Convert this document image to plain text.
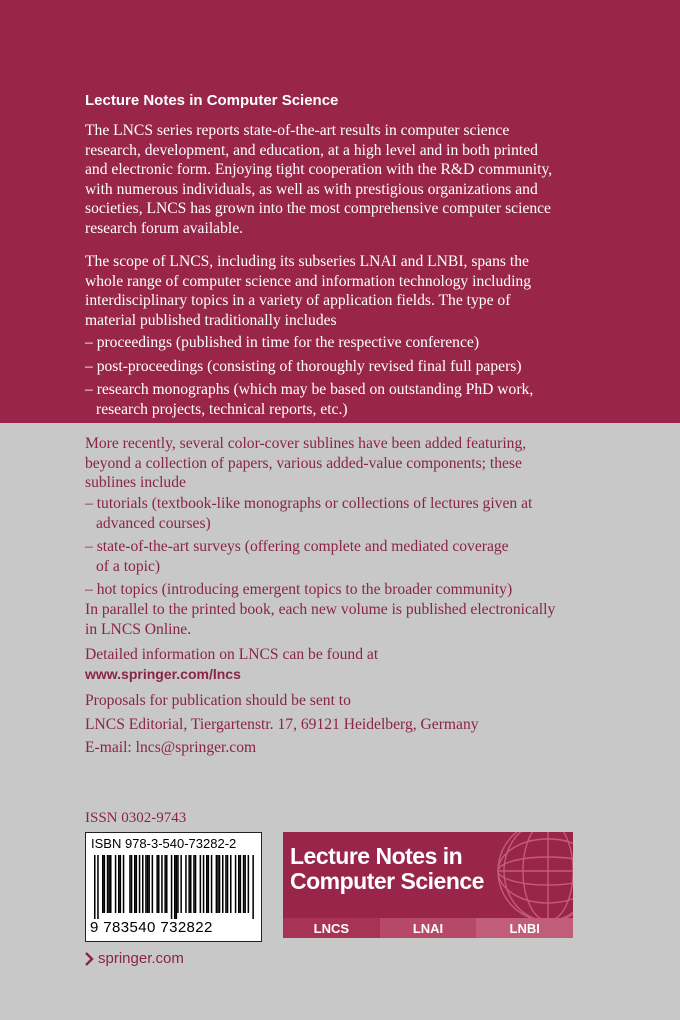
Lecture Notes in Computer Science
The LNCS series reports state-of-the-art results in computer science
research, development, and education, at a high level and in both printed
and electronic form. Enjoying tight cooperation with the R&D community,
with numerous individuals, as well as with prestigious organizations and
societies, LNCS has grown into the most comprehensive computer science
research forum available.
The scope of LNCS, including its subseries LNAI and LNBI, spans the
whole range of computer science and information technology including
interdisciplinary topics in a variety of application fields. The type of
material published traditionally includes
– proceedings (published in time for the respective conference)
– post-proceedings (consisting of thoroughly revised final full papers)
– research monographs (which may be based on outstanding PhD work,
research projects, technical reports, etc.)
More recently, several color-cover sublines have been added featuring,
beyond a collection of papers, various added-value components; these
sublines include
– tutorials (textbook-like monographs or collections of lectures given at
advanced courses)
– state-of-the-art surveys (offering complete and mediated coverage
of a topic)
– hot topics (introducing emergent topics to the broader community)
In parallel to the printed book, each new volume is published electronically
in LNCS Online.
Detailed information on LNCS can be found at
www.springer.com/lncs
Proposals for publication should be sent to
LNCS Editorial, Tiergartenstr. 17, 69121 Heidelberg, Germany
E-mail: lncs@springer.com
ISSN 0302-9743
ISBN 978-3-540-73282-2
9 783540 732822
Lecture Notes in
Computer Science
LNCS	LNAI	LNBI
springer.com
